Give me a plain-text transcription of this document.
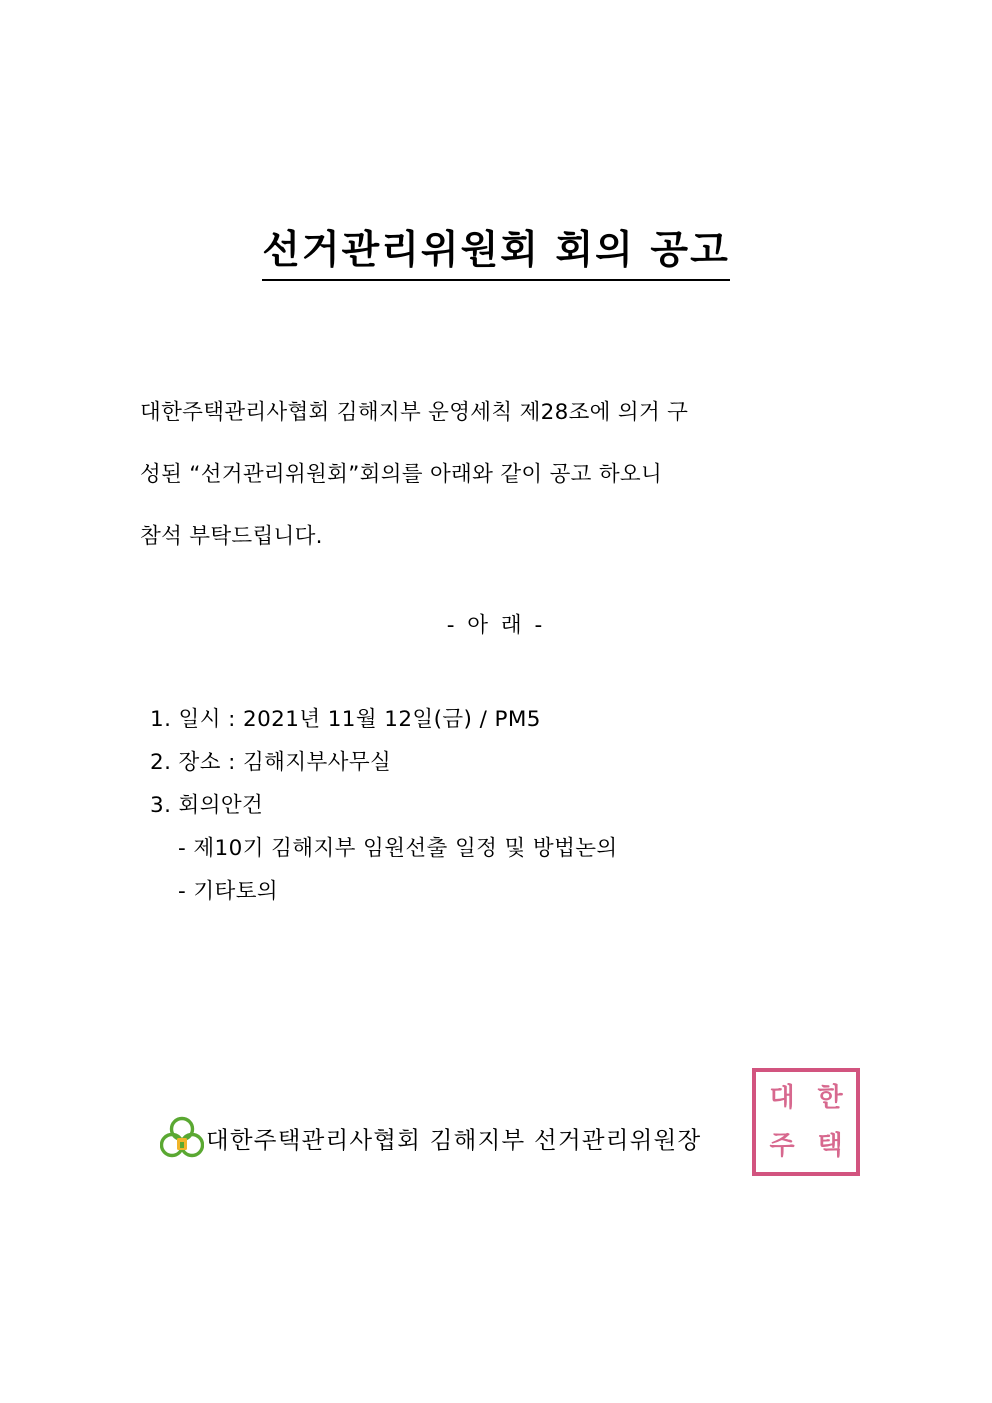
선거관리위원회 회의 공고
대한주택관리사협회 김해지부 운영세칙 제28조에 의거 구
성된 “선거관리위원회”회의를 아래와 같이 공고 하오니
참석 부탁드립니다.
- 아 래 -
1. 일시 : 2021년 11월 12일(금) / PM5
2. 장소 : 김해지부사무실
3. 회의안건
- 제10기 김해지부 임원선출 일정 및 방법논의
- 기타토의
대한주택관리사협회 김해지부 선거관리위원장
대 한
주 택
